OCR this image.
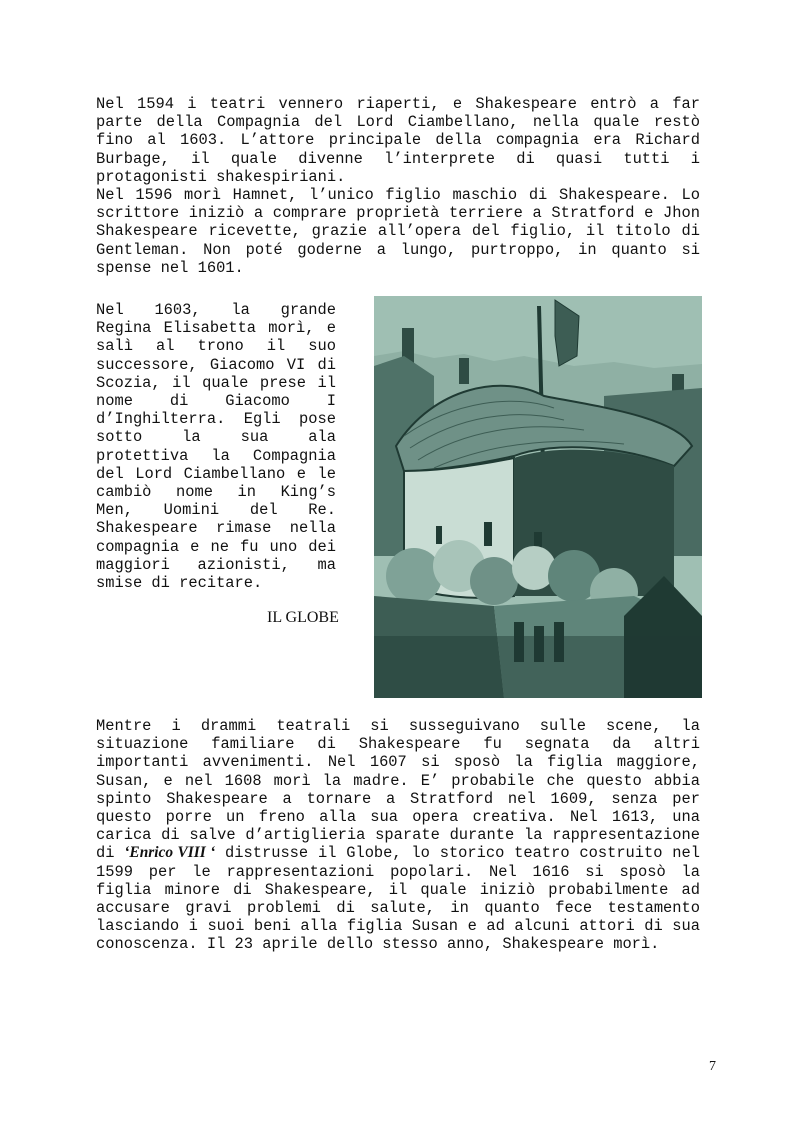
Nel 1594 i teatri vennero riaperti, e Shakespeare entrò a far parte della Compagnia del Lord Ciambellano, nella quale restò fino al 1603. L’attore principale della compagnia era Richard Burbage, il quale divenne l’interprete di quasi tutti i protagonisti shakespiriani.

Nel 1596 morì Hamnet, l’unico figlio maschio di Shakespeare. Lo scrittore iniziò a comprare proprietà terriere a Stratford e Jhon Shakespeare ricevette, grazie all’opera del figlio, il titolo di Gentleman. Non poté goderne a lungo, purtroppo, in quanto si spense nel 1601.

Nel 1603, la grande Regina Elisabetta morì, e salì al trono il suo successore, Giacomo VI di Scozia, il quale prese il nome di Giacomo I d’Inghilterra. Egli pose sotto la sua ala protettiva la Compagnia del Lord Ciambellano e le cambiò nome in King’s Men, Uomini del Re. Shakespeare rimase nella compagnia e ne fu uno dei maggiori azionisti, ma smise di recitare.

IL GLOBE

Mentre i drammi teatrali si susseguivano sulle scene, la situazione familiare di Shakespeare fu segnata da altri importanti avvenimenti. Nel 1607 si sposò la figlia maggiore, Susan, e nel 1608 morì la madre. E’ probabile che questo abbia spinto Shakespeare a tornare a Stratford nel 1609, senza per questo porre un freno alla sua opera creativa. Nel 1613, una carica di salve d’artiglieria sparate durante la rappresentazione di ‘Enrico VIII ‘ distrusse il Globe, lo storico teatro costruito nel 1599 per le rappresentazioni popolari. Nel 1616 si sposò la figlia minore di Shakespeare, il quale iniziò probabilmente ad accusare gravi problemi di salute, in quanto fece testamento lasciando i suoi beni alla figlia Susan e ad alcuni attori di sua conoscenza. Il 23 aprile dello stesso anno, Shakespeare morì.

7
